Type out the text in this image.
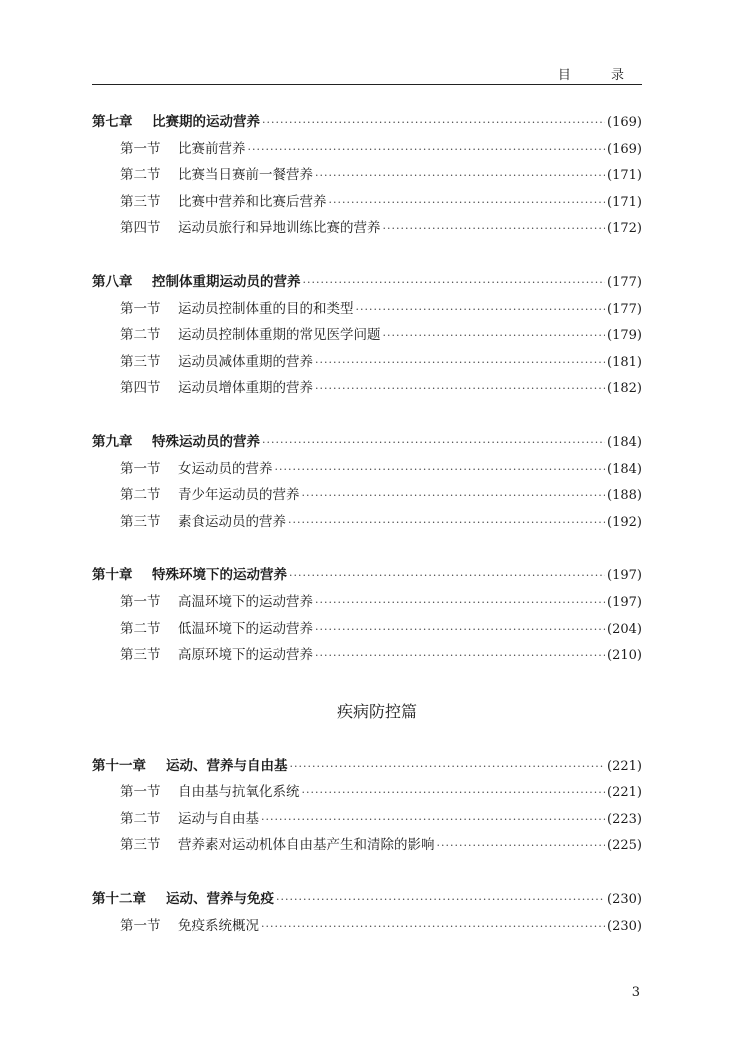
目 录
第七章	比赛期的运动营养 ·····	(169)
第一节	比赛前营养 ·····	(169)
第二节	比赛当日赛前一餐营养 ·····	(171)
第三节	比赛中营养和比赛后营养 ·····	(171)
第四节	运动员旅行和异地训练比赛的营养 ·····	(172)
第八章	控制体重期运动员的营养 ·····	(177)
第一节	运动员控制体重的目的和类型 ·····	(177)
第二节	运动员控制体重期的常见医学问题 ·····	(179)
第三节	运动员减体重期的营养 ·····	(181)
第四节	运动员增体重期的营养 ·····	(182)
第九章	特殊运动员的营养 ·····	(184)
第一节	女运动员的营养 ·····	(184)
第二节	青少年运动员的营养 ·····	(188)
第三节	素食运动员的营养 ·····	(192)
第十章	特殊环境下的运动营养 ·····	(197)
第一节	高温环境下的运动营养 ·····	(197)
第二节	低温环境下的运动营养 ·····	(204)
第三节	高原环境下的运动营养 ·····	(210)
疾病防控篇
第十一章	运动、营养与自由基 ·····	(221)
第一节	自由基与抗氧化系统 ·····	(221)
第二节	运动与自由基 ·····	(223)
第三节	营养素对运动机体自由基产生和清除的影响 ·····	(225)
第十二章	运动、营养与免疫 ·····	(230)
第一节	免疫系统概况 ·····	(230)
3
